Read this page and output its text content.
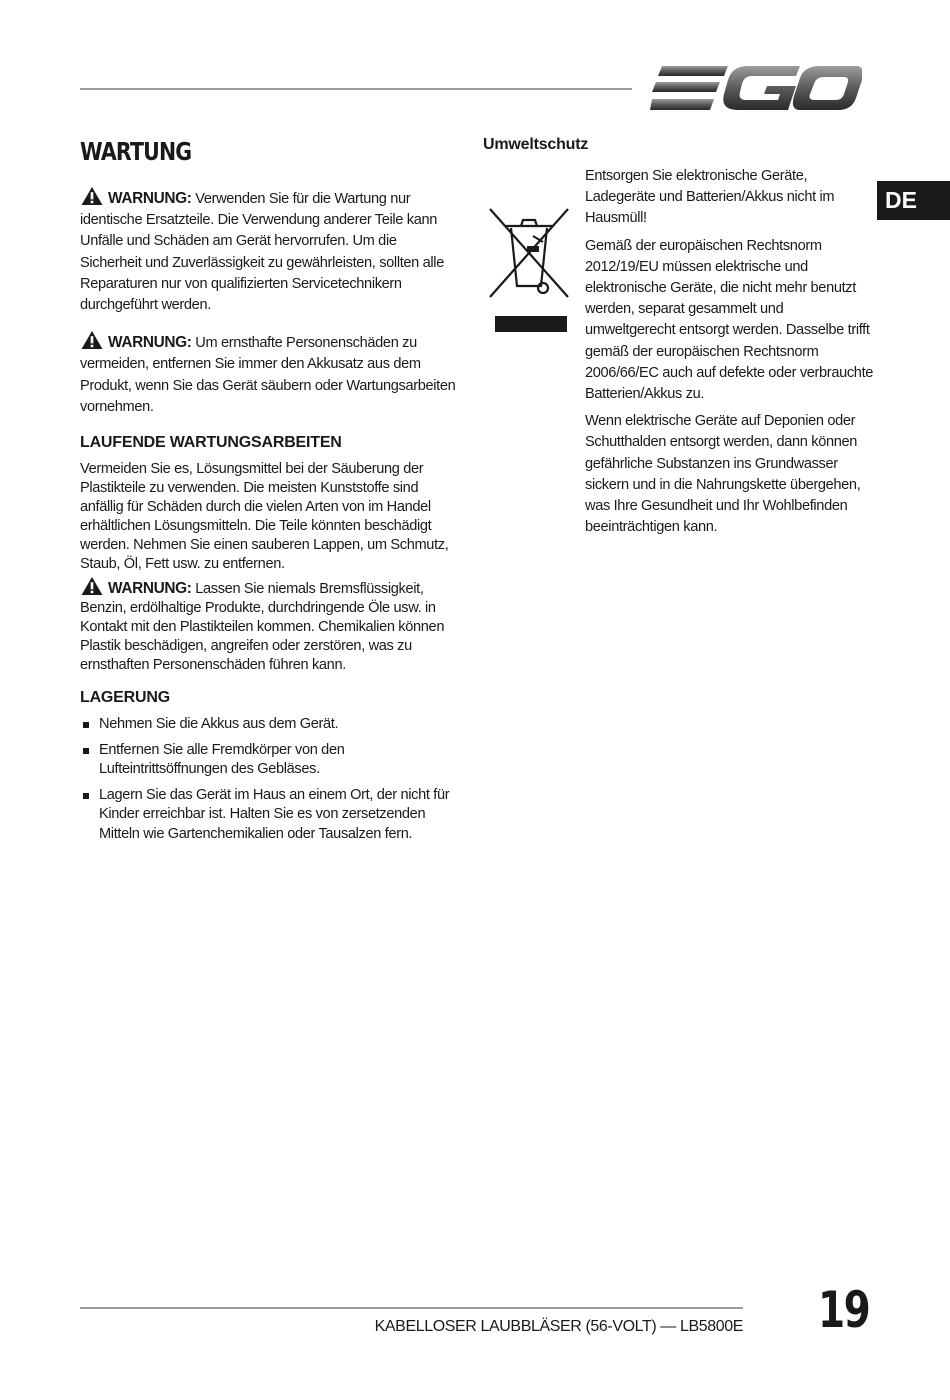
DE
WARTUNG

WARNUNG: Verwenden Sie für die Wartung nur identische Ersatzteile. Die Verwendung anderer Teile kann Unfälle und Schäden am Gerät hervorrufen. Um die Sicherheit und Zuverlässigkeit zu gewährleisten, sollten alle Reparaturen nur von qualifizierten Servicetechnikern durchgeführt werden.

WARNUNG: Um ernsthafte Personenschäden zu vermeiden, entfernen Sie immer den Akkusatz aus dem Produkt, wenn Sie das Gerät säubern oder Wartungsarbeiten vornehmen.

LAUFENDE WARTUNGSARBEITEN

Vermeiden Sie es, Lösungsmittel bei der Säuberung der Plastikteile zu verwenden. Die meisten Kunststoffe sind anfällig für Schäden durch die vielen Arten von im Handel erhältlichen Lösungsmitteln. Die Teile könnten beschädigt werden. Nehmen Sie einen sauberen Lappen, um Schmutz, Staub, Öl, Fett usw. zu entfernen.

WARNUNG: Lassen Sie niemals Bremsflüssigkeit, Benzin, erdölhaltige Produkte, durchdringende Öle usw. in Kontakt mit den Plastikteilen kommen. Chemikalien können Plastik beschädigen, angreifen oder zerstören, was zu ernsthaften Personenschäden führen kann.

LAGERUNG
Nehmen Sie die Akkus aus dem Gerät.
Entfernen Sie alle Fremdkörper von den Lufteintrittsöffnungen des Gebläses.
Lagern Sie das Gerät im Haus an einem Ort, der nicht für Kinder erreichbar ist. Halten Sie es von zersetzenden Mitteln wie Gartenchemikalien oder Tausalzen fern.
Umweltschutz

Entsorgen Sie elektronische Geräte, Ladegeräte und Batterien/Akkus nicht im Hausmüll!

Gemäß der europäischen Rechtsnorm 2012/19/EU müssen elektrische und elektronische Geräte, die nicht mehr benutzt werden, separat gesammelt und umweltgerecht entsorgt werden. Dasselbe trifft gemäß der europäischen Rechtsnorm 2006/66/EC auch auf defekte oder verbrauchte Batterien/Akkus zu.

Wenn elektrische Geräte auf Deponien oder Schutthalden entsorgt werden, dann können gefährliche Substanzen ins Grundwasser sickern und in die Nahrungskette übergehen, was Ihre Gesundheit und Ihr Wohlbefinden beeinträchtigen kann.

KABELLOSER LAUBBLÄSER (56-VOLT) — LB5800E 19
